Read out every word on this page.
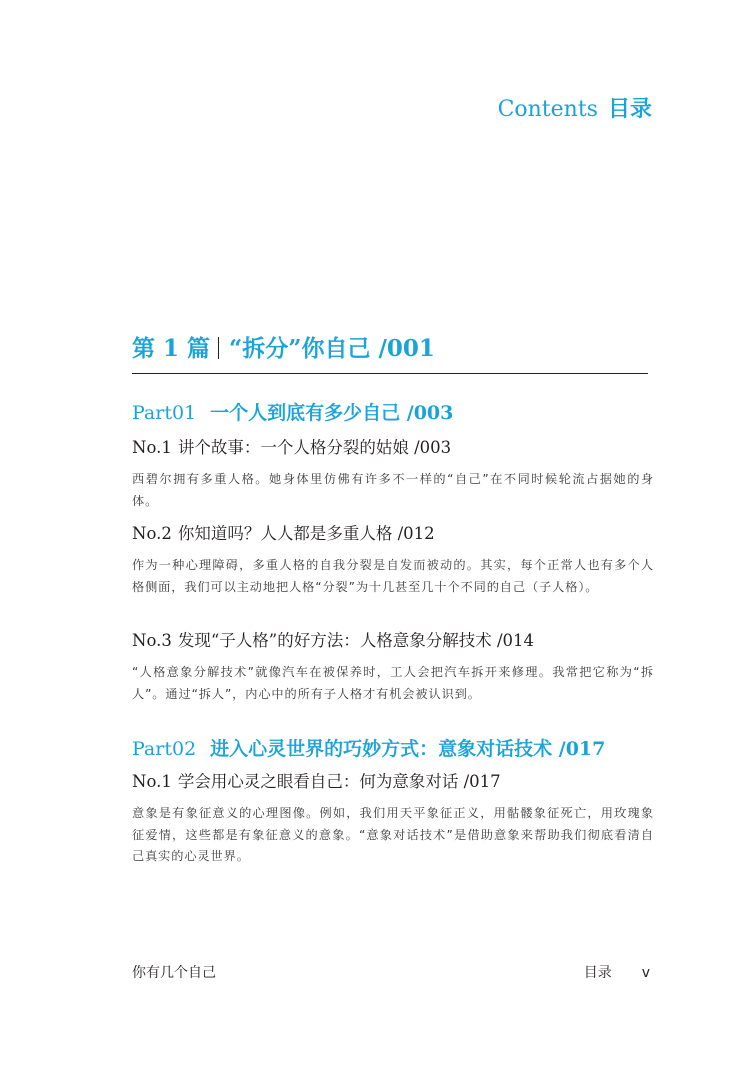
Contents 目录
第 1 篇 “拆分”你自己 /001
Part01 一个人到底有多少自己 /003

No.1 讲个故事：一个人格分裂的姑娘 /003

西碧尔拥有多重人格。她身体里仿佛有许多不一样的“自己”在不同时候轮流占据她的身体。

No.2 你知道吗？人人都是多重人格 /012

作为一种心理障碍，多重人格的自我分裂是自发而被动的。其实，每个正常人也有多个人格侧面，我们可以主动地把人格“分裂”为十几甚至几十个不同的自己（子人格）。

No.3 发现“子人格”的好方法：人格意象分解技术 /014

“人格意象分解技术”就像汽车在被保养时，工人会把汽车拆开来修理。我常把它称为“拆人”。通过“拆人”，内心中的所有子人格才有机会被认识到。

Part02 进入心灵世界的巧妙方式：意象对话技术 /017

No.1 学会用心灵之眼看自己：何为意象对话 /017

意象是有象征意义的心理图像。例如，我们用天平象征正义，用骷髅象征死亡，用玫瑰象征爱情，这些都是有象征意义的意象。“意象对话技术”是借助意象来帮助我们彻底看清自己真实的心灵世界。

你有几个自己	目录 v
